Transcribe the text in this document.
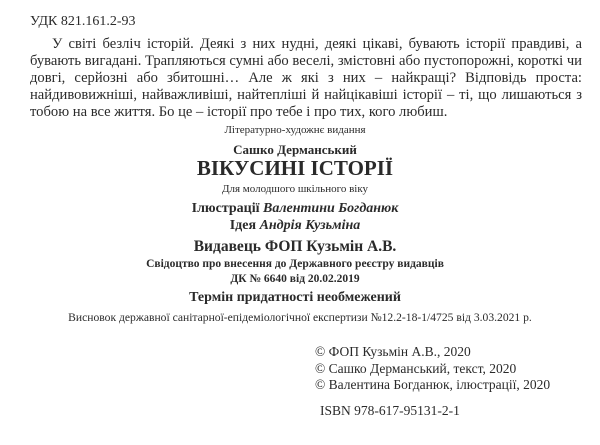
УДК 821.161.2-93
У світі безліч історій. Деякі з них нудні, деякі цікаві, бувають історії правдиві, а бувають вигадані. Трапляються сумні або веселі, змістовні або пустопорожні, короткі чи довгі, серйозні або збитошні… Але ж які з них – найкращі? Відповідь проста: найдивовижніші, найважливіші, найтепліші й найцікавіші історії – ті, що лишаються з тобою на все життя. Бо це – історії про тебе і про тих, кого любиш.
Літературно-художнє видання
Сашко Дерманський
ВІКУСИНІ ІСТОРІЇ
Для молодшого шкільного віку
Ілюстрації Валентини Богданюк
Ідея Андрія Кузьміна
Видавець ФОП Кузьмін А.В.
Свідоцтво про внесення до Державного реєстру видавців
ДК № 6640 від 20.02.2019
Термін придатності необмежений
Висновок державної санітарної-епідеміологічної експертизи №12.2-18-1/4725 від 3.03.2021 р.
© ФОП Кузьмін А.В., 2020
© Сашко Дерманський, текст, 2020
© Валентина Богданюк, ілюстрації, 2020
ISBN 978-617-95131-2-1
